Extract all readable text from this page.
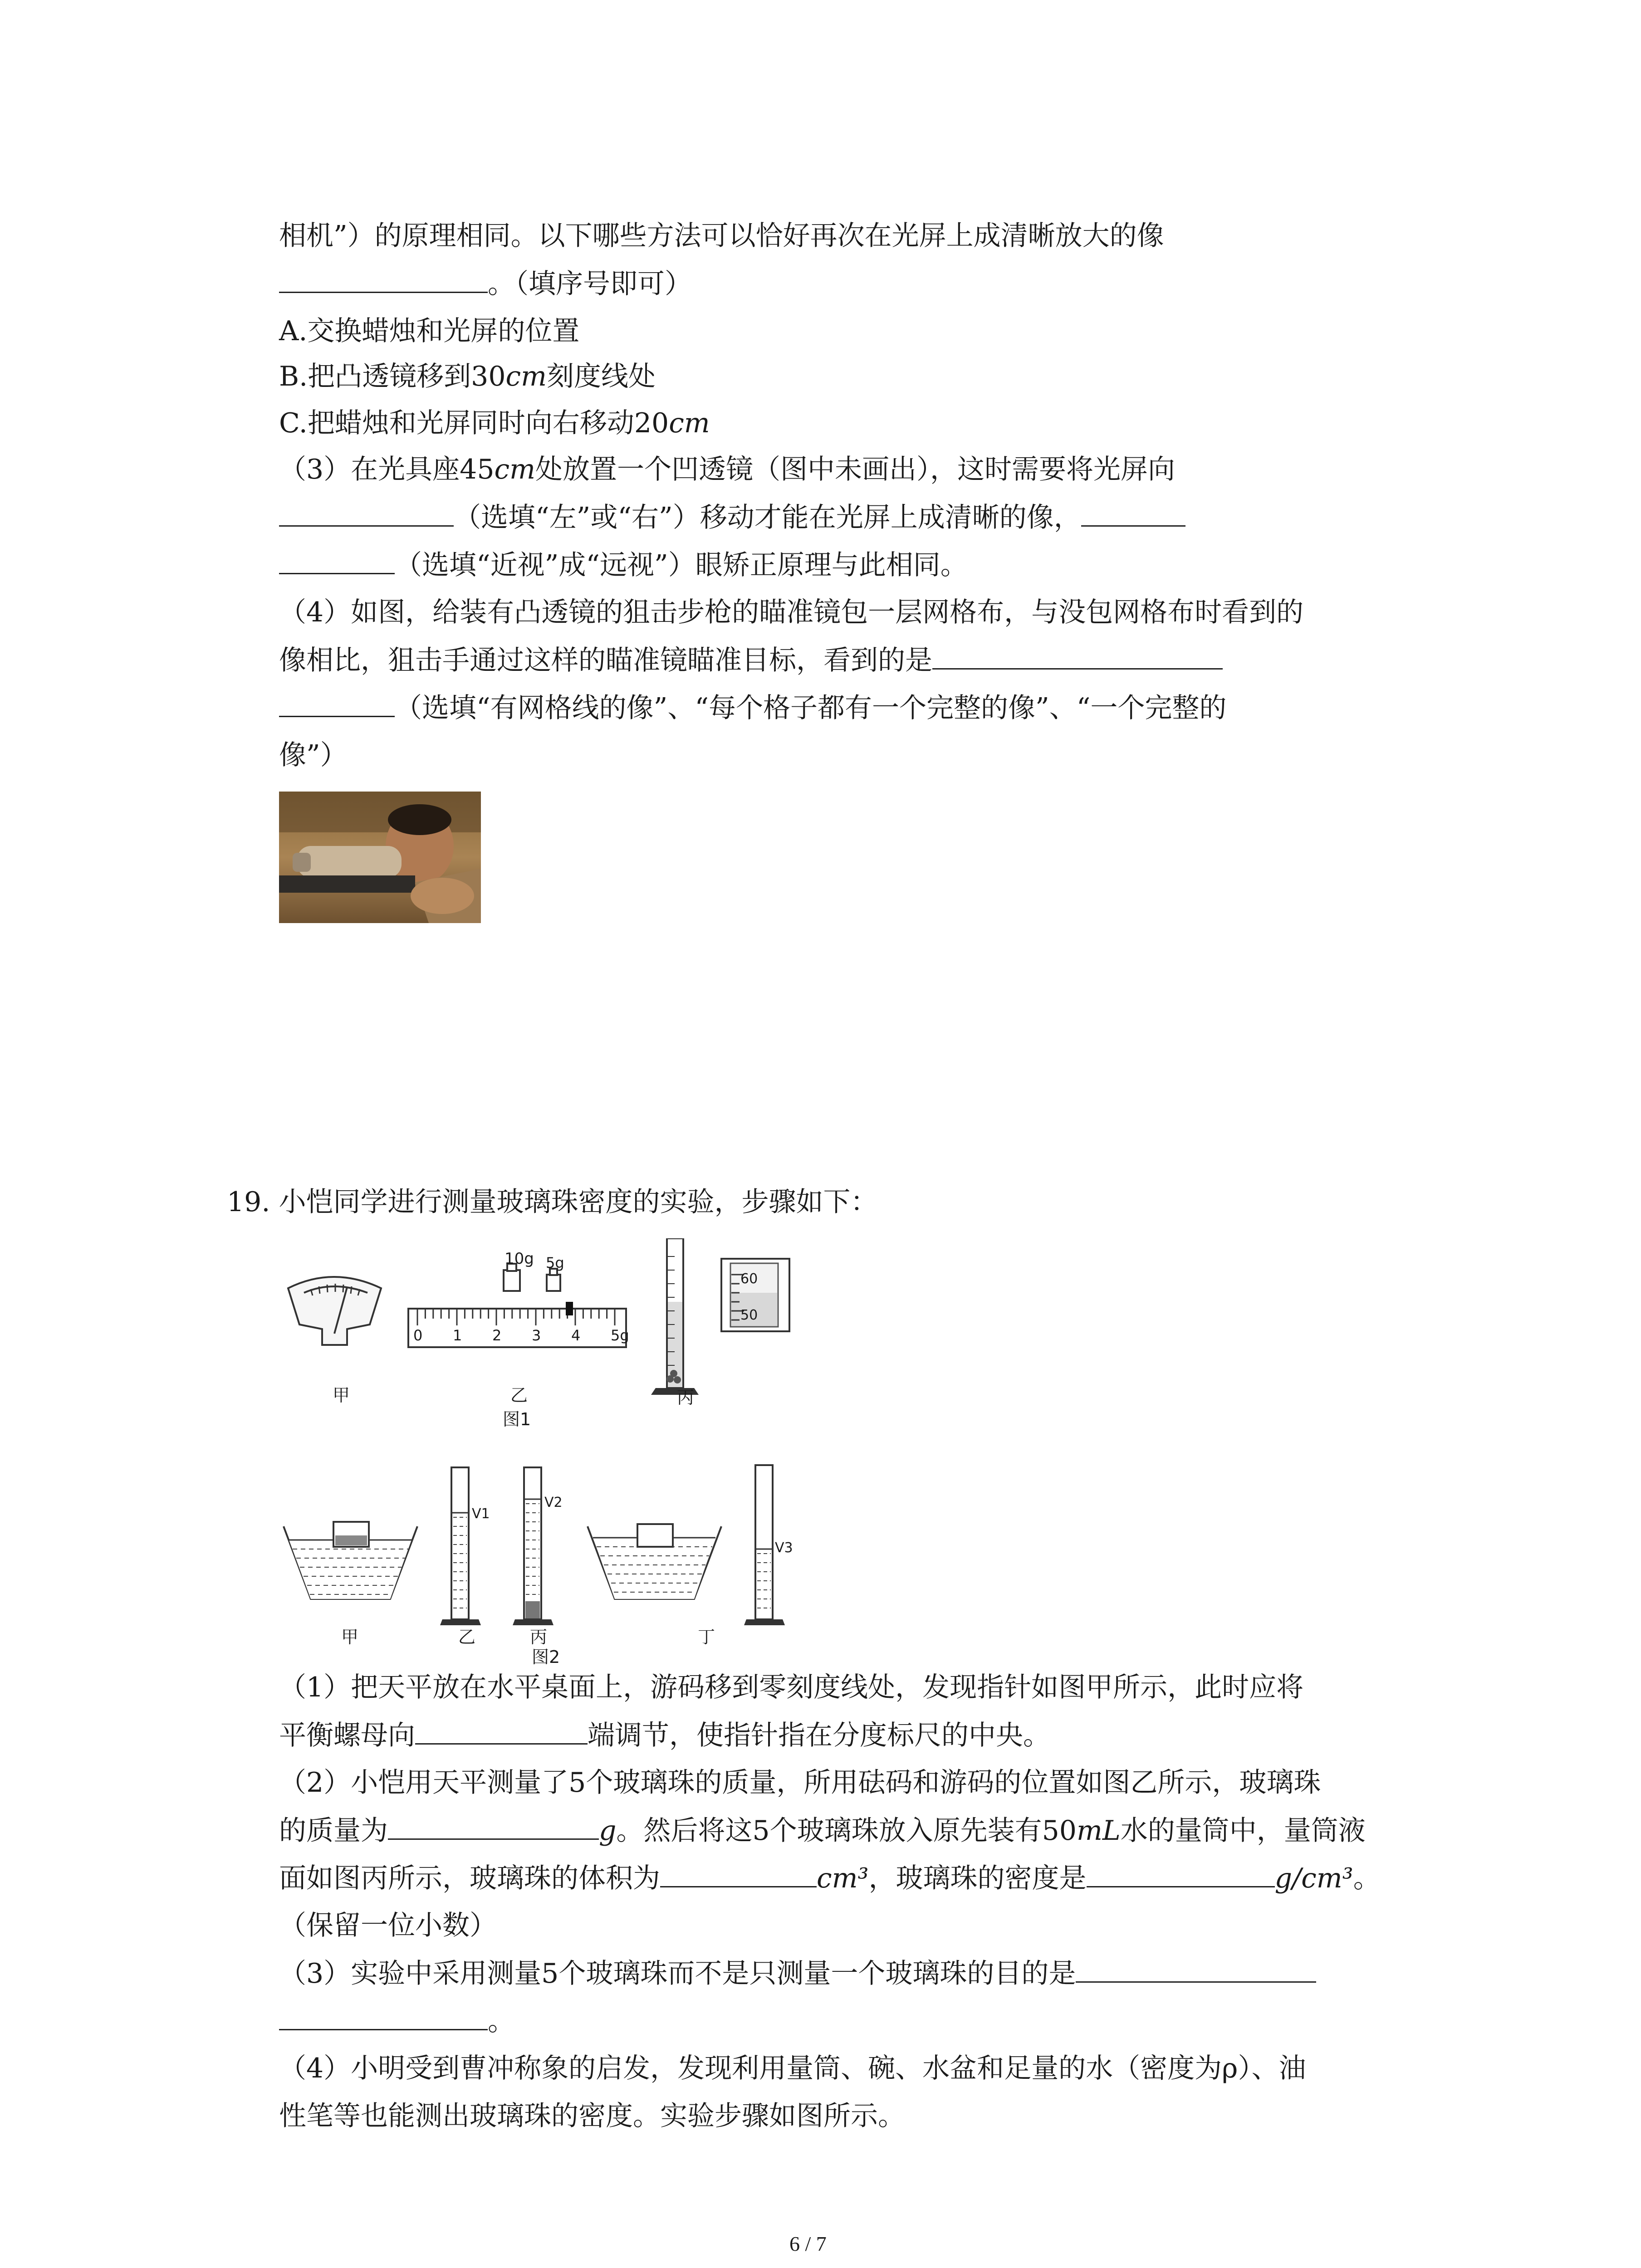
相机”）的原理相同。以下哪些方法可以恰好再次在光屏上成清晰放大的像
。（填序号即可）
A.交换蜡烛和光屏的位置
B.把凸透镜移到30cm刻度线处
C.把蜡烛和光屏同时向右移动20cm
（3）在光具座45cm处放置一个凹透镜（图中未画出），这时需要将光屏向
（选填“左”或“右”）移动才能在光屏上成清晰的像，
（选填“近视”成“远视”）眼矫正原理与此相同。
（4）如图，给装有凸透镜的狙击步枪的瞄准镜包一层网格布，与没包网格布时看到的
像相比，狙击手通过这样的瞄准镜瞄准目标，看到的是
（选填“有网格线的像”、“每个格子都有一个完整的像”、“一个完整的
像”）
19. 小恺同学进行测量玻璃珠密度的实验，步骤如下：
10g 5g
0 1 2 3 4 5g
60
50
甲	乙	丙
图1
V1
V2
V3
甲	乙	丙
图2
丁
（1）把天平放在水平桌面上，游码移到零刻度线处，发现指针如图甲所示，此时应将
平衡螺母向	端调节，使指针指在分度标尺的中央。
（2）小恺用天平测量了5个玻璃珠的质量，所用砝码和游码的位置如图乙所示，玻璃珠
的质量为	g。然后将这5个玻璃珠放入原先装有50mL水的量筒中，量筒液
面如图丙所示，玻璃珠的体积为	cm³，玻璃珠的密度是	g/cm³。
（保留一位小数）
（3）实验中采用测量5个玻璃珠而不是只测量一个玻璃珠的目的是
。
（4）小明受到曹冲称象的启发，发现利用量筒、碗、水盆和足量的水（密度为ρ）、油
性笔等也能测出玻璃珠的密度。实验步骤如图所示。
6 / 7
